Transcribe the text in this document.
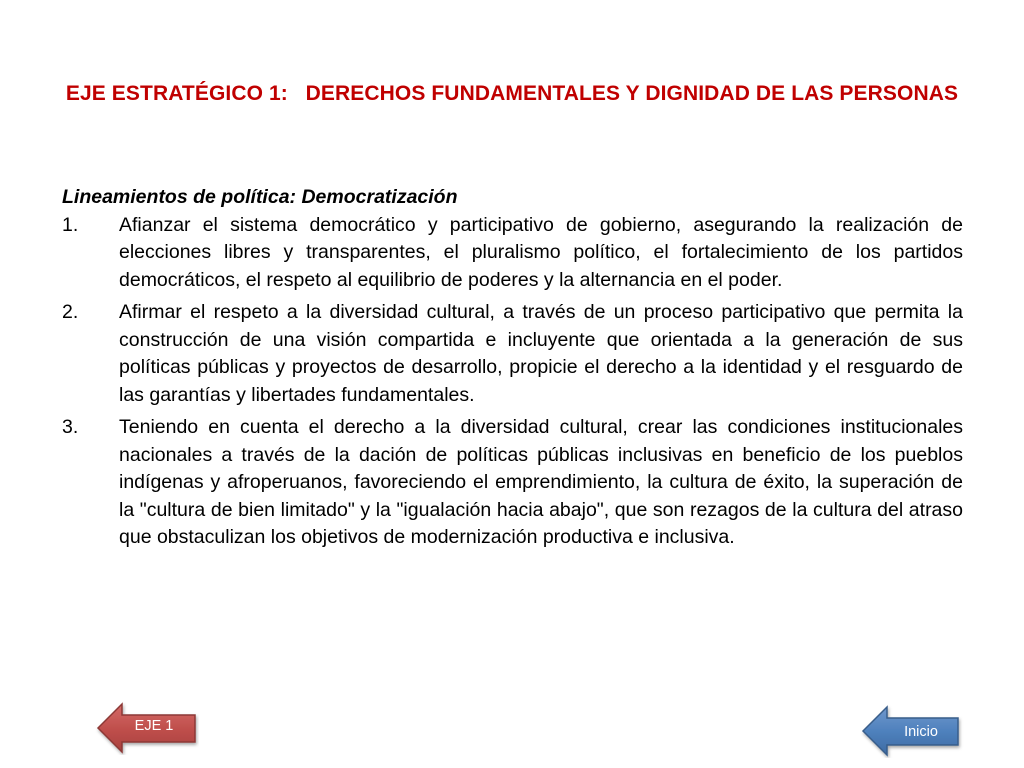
EJE ESTRATÉGICO 1:   DERECHOS FUNDAMENTALES Y DIGNIDAD DE LAS PERSONAS

Lineamientos de política: Democratización

1. Afianzar el sistema democrático y participativo de gobierno, asegurando la realización de elecciones libres y transparentes, el pluralismo político, el fortalecimiento de los partidos democráticos, el respeto al equilibrio de poderes y la alternancia en el poder.
2. Afirmar el respeto a la diversidad cultural, a través de un proceso participativo que permita la construcción de una visión compartida e incluyente que orientada a la generación de sus políticas públicas y proyectos de desarrollo, propicie el derecho a la identidad y el resguardo de las garantías y libertades fundamentales.
3. Teniendo en cuenta el derecho a la diversidad cultural, crear las condiciones institucionales nacionales a través de la dación de políticas públicas inclusivas en beneficio de los pueblos indígenas y afroperuanos, favoreciendo el emprendimiento, la cultura de éxito, la superación de la "cultura de bien limitado" y la "igualación hacia abajo", que son rezagos de la cultura del atraso que obstaculizan los objetivos de modernización productiva e inclusiva.
EJE 1	Inicio
